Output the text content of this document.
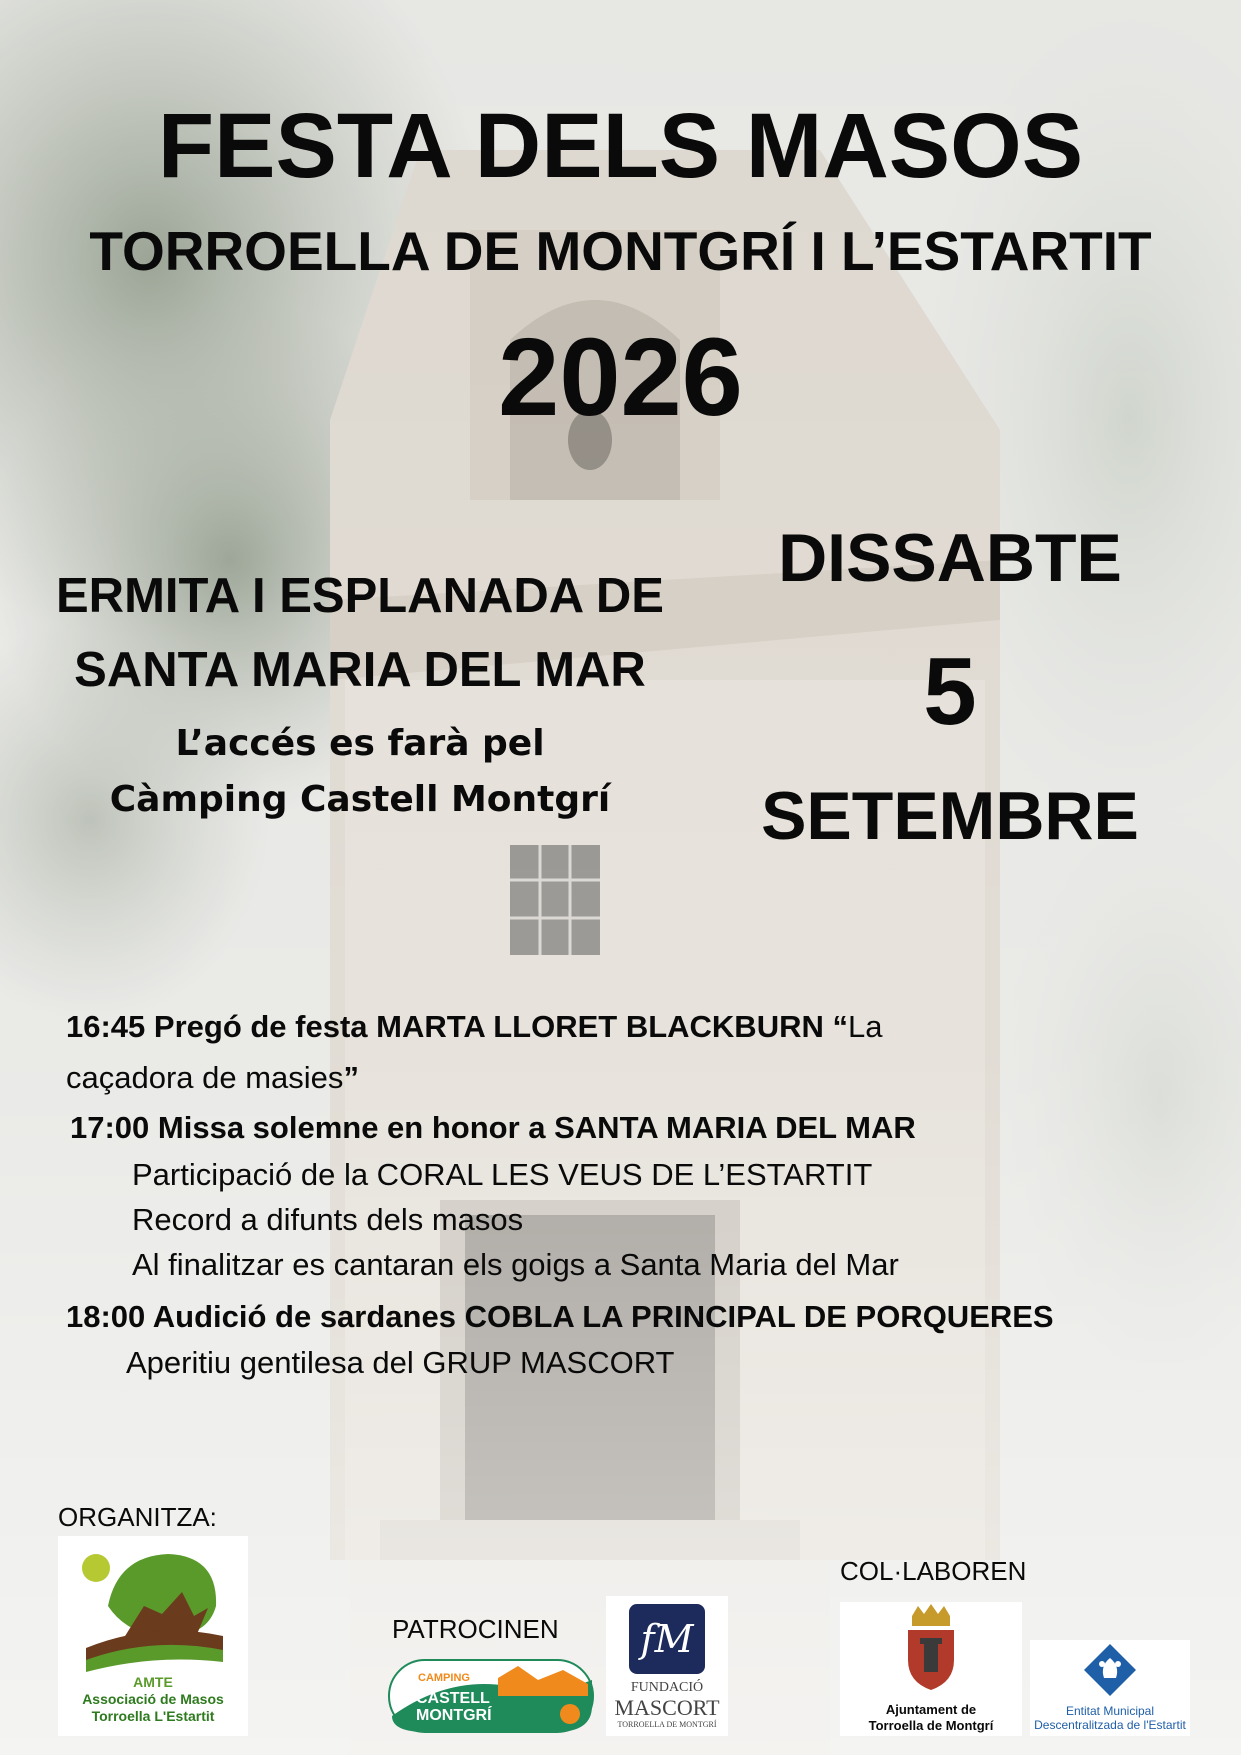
FESTA DELS MASOS
TORROELLA DE MONTGRÍ I L’ESTARTIT
2026
ERMITA I ESPLANADA DE
SANTA MARIA DEL MAR
L’accés es farà pel
Càmping Castell Montgrí
DISSABTE
5
SETEMBRE
16:45 Pregó de festa MARTA LLORET BLACKBURN “La
caçadora de masies”
17:00 Missa solemne en honor a SANTA MARIA DEL MAR
Participació de la CORAL LES VEUS DE L’ESTARTIT
Record a difunts dels masos
Al finalitzar es cantaran els goigs a Santa Maria del Mar
18:00 Audició de sardanes COBLA LA PRINCIPAL DE PORQUERES
Aperitiu gentilesa del GRUP MASCORT
ORGANITZA:
PATROCINEN
COL·LABOREN
AMTE
Associació de Masos
Torroella L'Estartit
CAMPING
CASTELL
MONTGRÍ
fM
FUNDACIÓ
MASCORT
TORROELLA DE MONTGRÍ
Ajuntament de
Torroella de Montgrí
Entitat Municipal
Descentralitzada de l'Estartit
